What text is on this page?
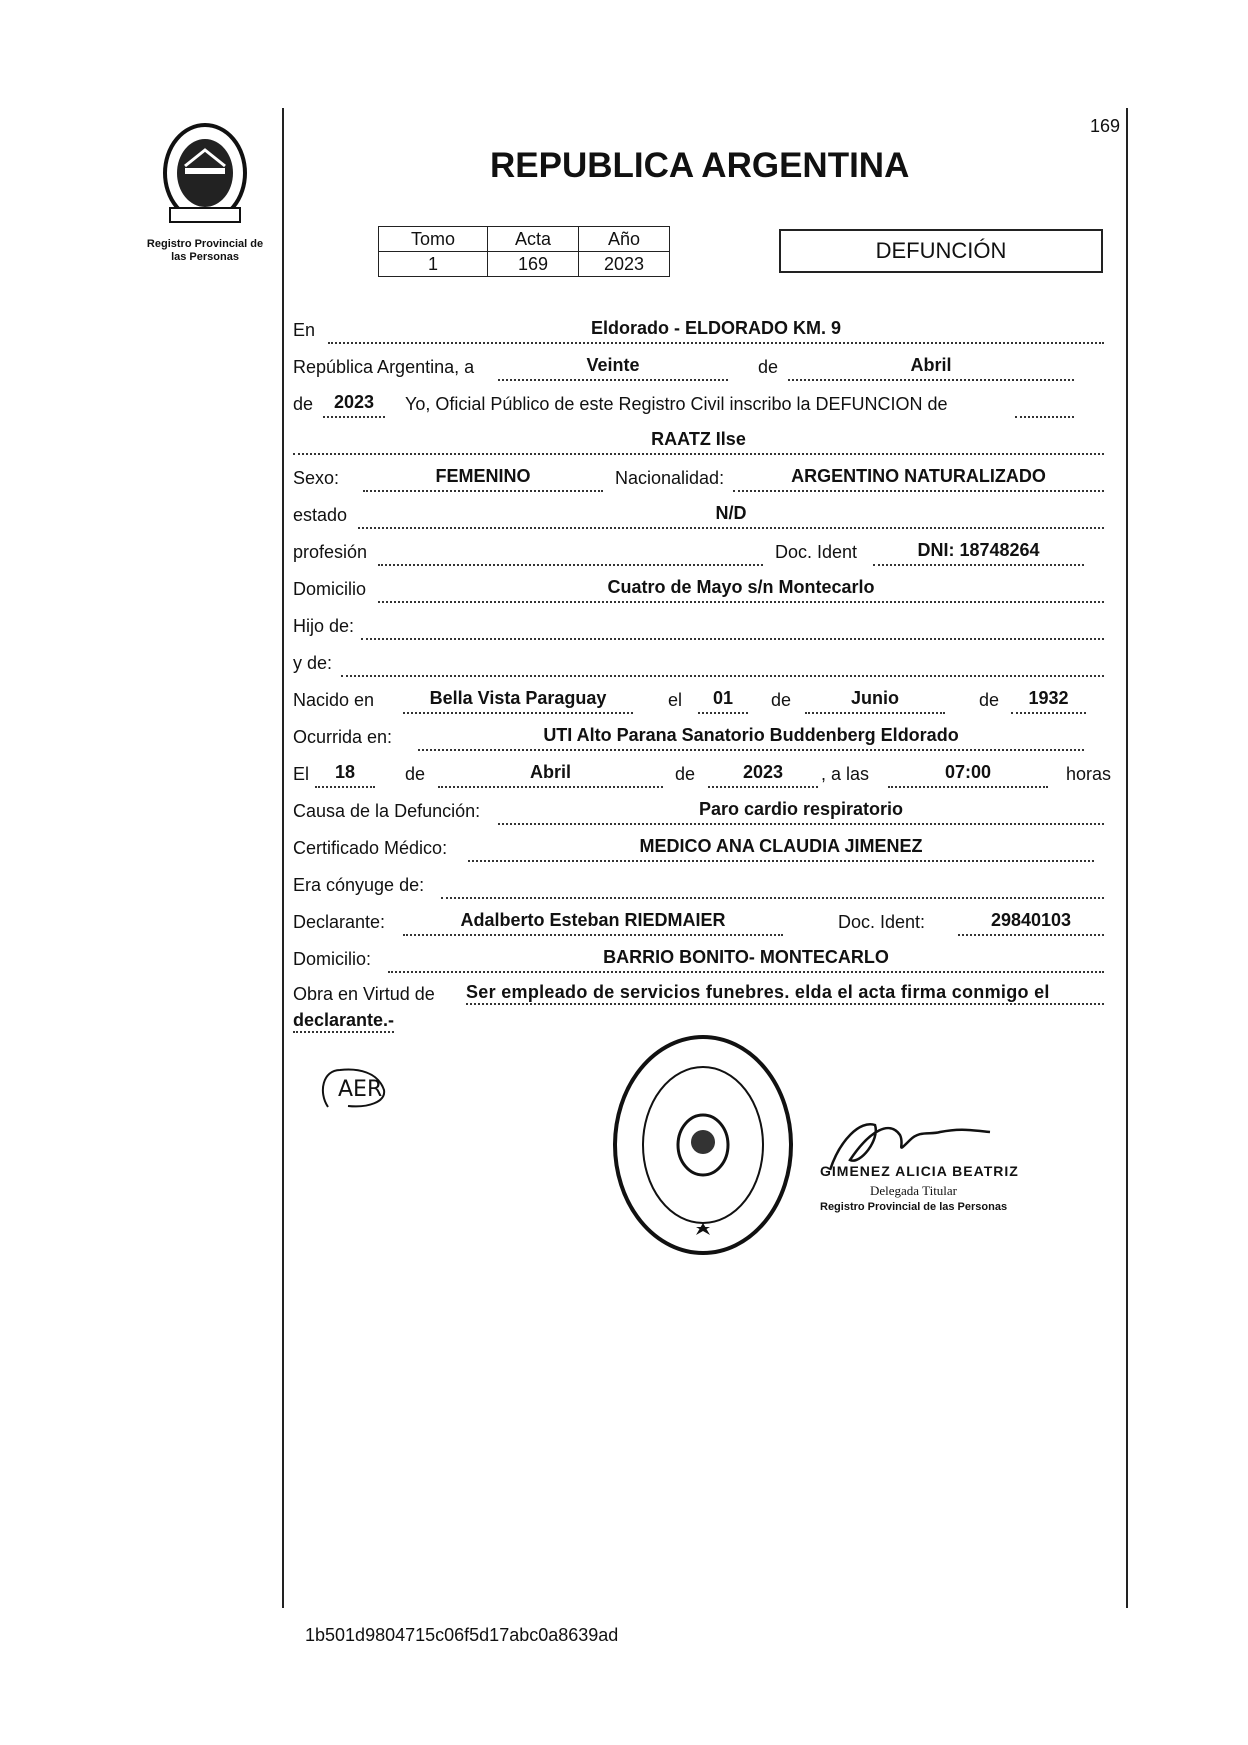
Registro Provincial de
las Personas
169
REPUBLICA ARGENTINA
Tomo	Acta	Año
1	169	2023
DEFUNCIÓN
En	Eldorado - ELDORADO KM. 9
República Argentina, a	Veinte	de	Abril
de	2023	Yo, Oficial Público de este Registro Civil inscribo la DEFUNCION de
RAATZ Ilse
Sexo:	FEMENINO	Nacionalidad:	ARGENTINO NATURALIZADO
estado	N/D
profesión	Doc. Ident	DNI: 18748264
Domicilio	Cuatro de Mayo s/n Montecarlo
Hijo de:
y de:
Nacido en	Bella Vista Paraguay	el	01	de	Junio	de	1932
Ocurrida en:	UTI Alto Parana Sanatorio Buddenberg Eldorado
El	18	de	Abril	de	2023	, a las	07:00	horas
Causa de la Defunción:	Paro cardio respiratorio
Certificado Médico:	MEDICO ANA CLAUDIA JIMENEZ
Era cónyuge de:
Declarante:	Adalberto Esteban RIEDMAIER	Doc. Ident:	29840103
Domicilio:	BARRIO BONITO- MONTECARLO
Obra en Virtud de Ser empleado de servicios funebres. elda el acta firma conmigo el
declarante.-
AER
GIMENEZ ALICIA BEATRIZ
Delegada Titular
Registro Provincial de las Personas
1b501d9804715c06f5d17abc0a8639ad
